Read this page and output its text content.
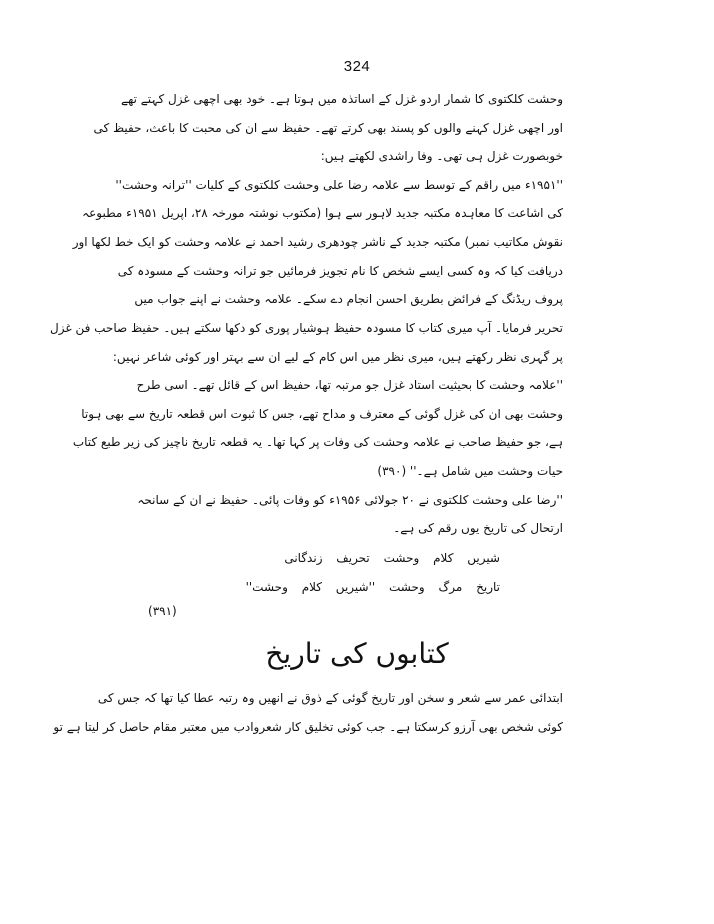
324
وحشت کلکتوی کا شمار اردو غزل کے اساتذہ میں ہوتا ہے۔ خود بھی اچھی غزل کہتے تھے
اور اچھی غزل کہنے والوں کو پسند بھی کرتے تھے۔ حفیظ سے ان کی محبت کا باعث، حفیظ کی
خوبصورت غزل ہی تھی۔ وفا راشدی لکھتے ہیں:
''۱۹۵۱ء میں راقم کے توسط سے علامہ رضا علی وحشت کلکتوی کے کلیات ''ترانہ وحشت''
کی اشاعت کا معاہدہ مکتبہ جدید لاہور سے ہوا (مکتوب نوشتہ مورخہ ۲۸، اپریل ۱۹۵۱ء مطبوعہ
نقوش مکاتیب نمبر) مکتبہ جدید کے ناشر چودھری رشید احمد نے علامہ وحشت کو ایک خط لکھا اور
دریافت کیا کہ وہ کسی ایسے شخص کا نام تجویز فرمائیں جو ترانہ وحشت کے مسودہ کی
پروف ریڈنگ کے فرائض بطریق احسن انجام دے سکے۔ علامہ وحشت نے اپنے جواب میں
تحریر فرمایا۔ آپ میری کتاب کا مسودہ حفیظ ہوشیار پوری کو دکھا سکتے ہیں۔ حفیظ صاحب فن غزل
پر گہری نظر رکھتے ہیں، میری نظر میں اس کام کے لیے ان سے بہتر اور کوئی شاعر نہیں:
''علامہ وحشت کا بحیثیت استاد غزل جو مرتبہ تھا، حفیظ اس کے قائل تھے۔ اسی طرح
وحشت بھی ان کی غزل گوئی کے معترف و مداح تھے، جس کا ثبوت اس قطعہ تاریخ سے بھی ہوتا
ہے، جو حفیظ صاحب نے علامہ وحشت کی وفات پر کہا تھا۔ یہ قطعہ تاریخ ناچیز کی زیر طبع کتاب
حیات وحشت میں شامل ہے۔'' (۳۹۰)
''رضا علی وحشت کلکتوی نے ۲۰ جولائی ۱۹۵۶ء کو وفات پائی۔ حفیظ نے ان کے سانحہ
ارتحال کی تاریخ یوں رقم کی ہے۔
شیریں کلام وحشت تحریف زندگانی
تاریخ مرگ وحشت ''شیریں کلام وحشت''
(۳۹۱)
کتابوں کی تاریخ
ابتدائی عمر سے شعر و سخن اور تاریخ گوئی کے ذوق نے انھیں وہ رتبہ عطا کیا تھا کہ جس کی
کوئی شخص بھی آرزو کرسکتا ہے۔ جب کوئی تخلیق کار شعروادب میں معتبر مقام حاصل کر لیتا ہے تو
